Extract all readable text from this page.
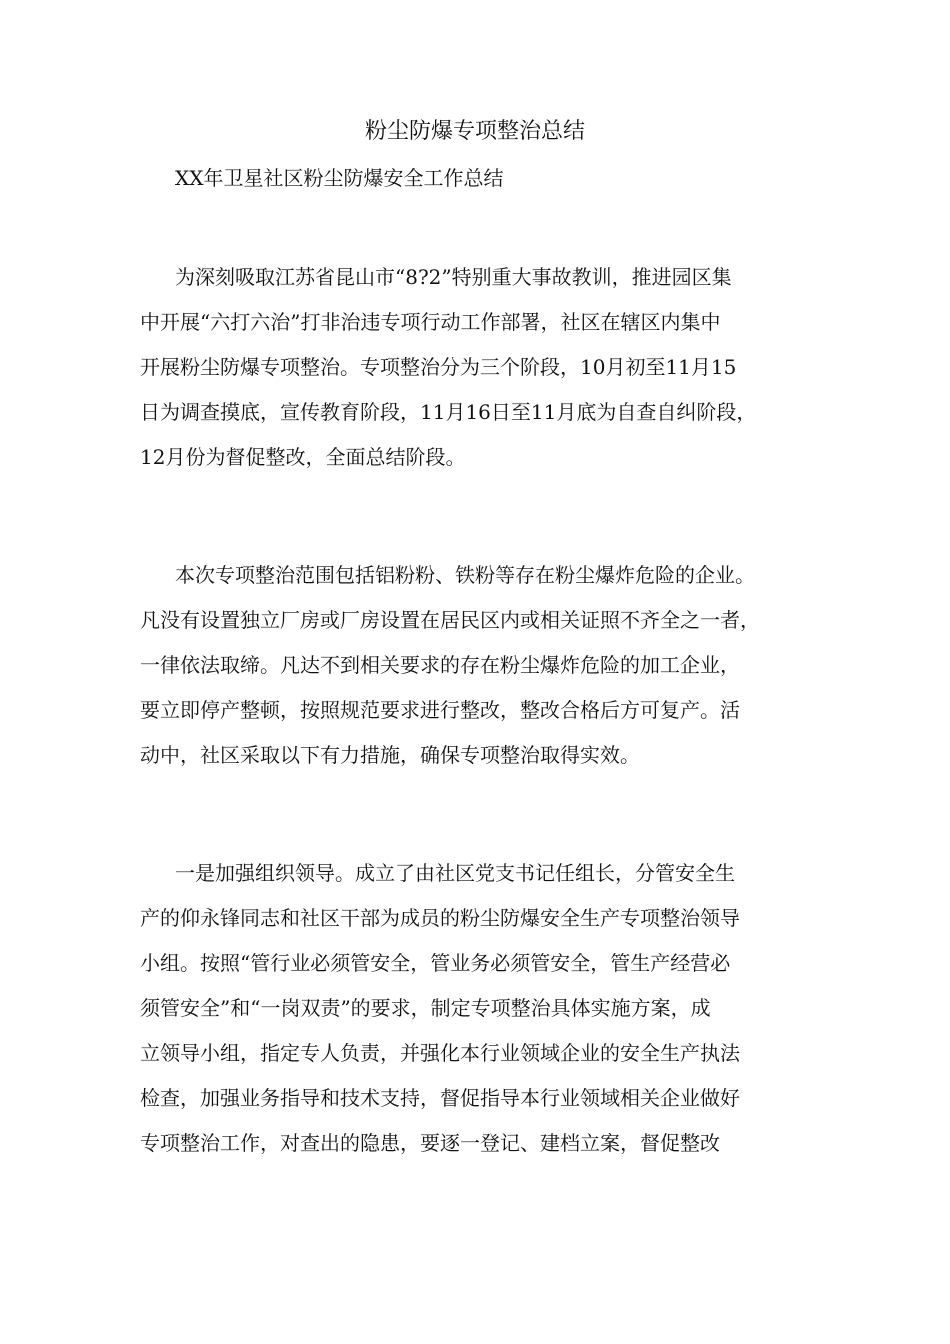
粉尘防爆专项整治总结
XX年卫星社区粉尘防爆安全工作总结
为深刻吸取江苏省昆山市“8?2”特别重大事故教训，推进园区集
中开展“六打六治”打非治违专项行动工作部署，社区在辖区内集中
开展粉尘防爆专项整治。专项整治分为三个阶段，10月初至11月15
日为调查摸底，宣传教育阶段，11月16日至11月底为自查自纠阶段，
12月份为督促整改，全面总结阶段。
本次专项整治范围包括铝粉粉、铁粉等存在粉尘爆炸危险的企业。
凡没有设置独立厂房或厂房设置在居民区内或相关证照不齐全之一者，
一律依法取缔。凡达不到相关要求的存在粉尘爆炸危险的加工企业，
要立即停产整顿，按照规范要求进行整改，整改合格后方可复产。活
动中，社区采取以下有力措施，确保专项整治取得实效。
一是加强组织领导。成立了由社区党支书记任组长，分管安全生
产的仰永锋同志和社区干部为成员的粉尘防爆安全生产专项整治领导
小组。按照“管行业必须管安全，管业务必须管安全，管生产经营必
须管安全”和“一岗双责”的要求，制定专项整治具体实施方案，成
立领导小组，指定专人负责，并强化本行业领域企业的安全生产执法
检查，加强业务指导和技术支持，督促指导本行业领域相关企业做好
专项整治工作，对查出的隐患，要逐一登记、建档立案，督促整改
